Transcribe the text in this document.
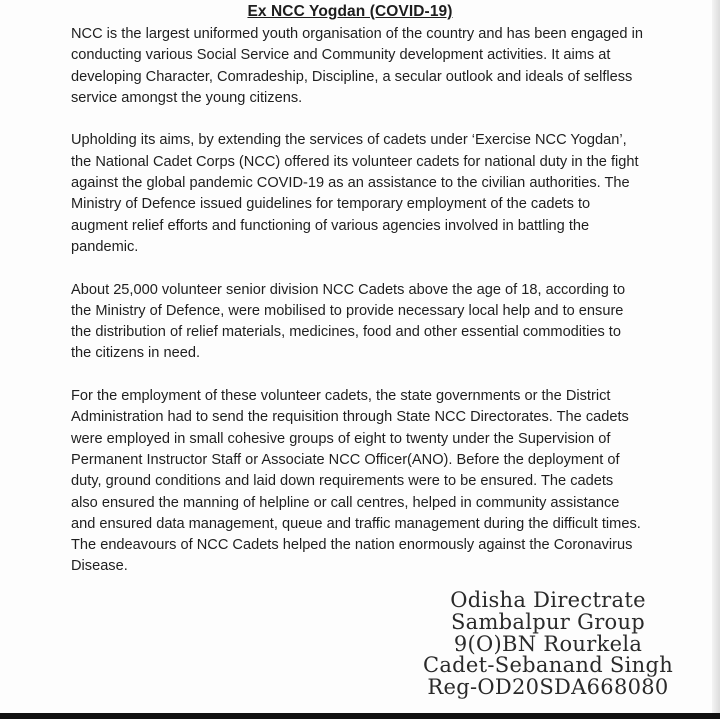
Ex NCC Yogdan (COVID-19)

NCC is the largest uniformed youth organisation of the country and has been engaged in conducting various Social Service and Community development activities. It aims at developing Character, Comradeship, Discipline, a secular outlook and ideals of selfless service amongst the young citizens.

Upholding its aims, by extending the services of cadets under ‘Exercise NCC Yogdan’, the National Cadet Corps (NCC) offered its volunteer cadets for national duty in the fight against the global pandemic COVID-19 as an assistance to the civilian authorities. The Ministry of Defence issued guidelines for temporary employment of the cadets to augment relief efforts and functioning of various agencies involved in battling the pandemic.

About 25,000 volunteer senior division NCC Cadets above the age of 18, according to the Ministry of Defence, were mobilised to provide necessary local help and to ensure the distribution of relief materials, medicines, food and other essential commodities to the citizens in need.

For the employment of these volunteer cadets, the state governments or the District Administration had to send the requisition through State NCC Directorates. The cadets were employed in small cohesive groups of eight to twenty under the Supervision of Permanent Instructor Staff or Associate NCC Officer(ANO). Before the deployment of duty, ground conditions and laid down requirements were to be ensured. The cadets also ensured the manning of helpline or call centres, helped in community assistance and ensured data management, queue and traffic management during the difficult times. The endeavours of NCC Cadets helped the nation enormously against the Coronavirus Disease.

Odisha Directrate
Sambalpur Group
9(O)BN Rourkela
Cadet-Sebanand Singh
Reg-OD20SDA668080
